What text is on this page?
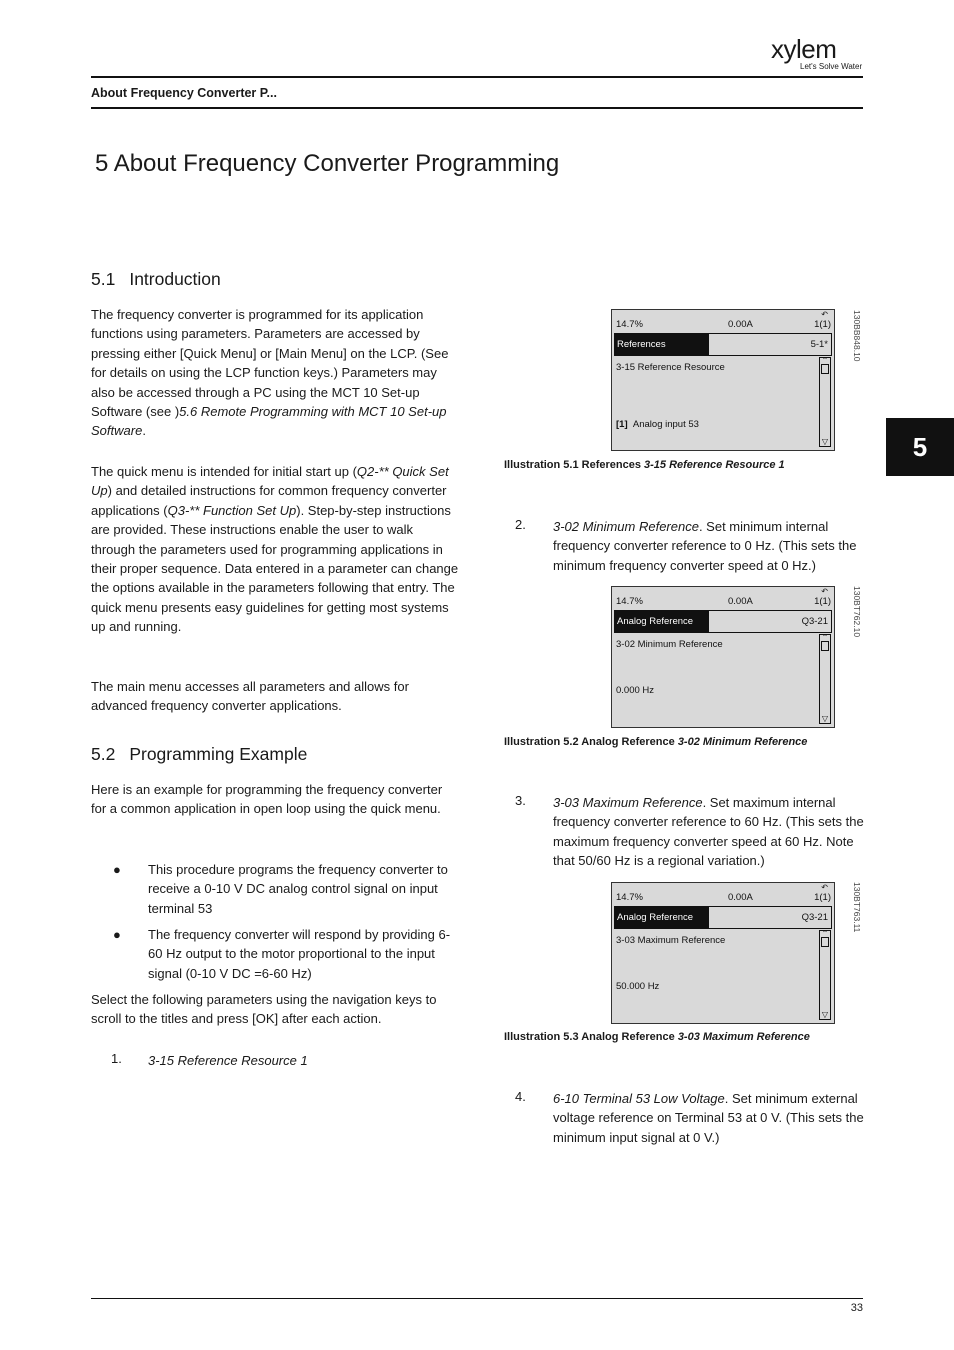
xylem
Let's Solve Water
About Frequency Converter P...
5 About Frequency Converter Programming
5
5.1 Introduction

The frequency converter is programmed for its application functions using parameters. Parameters are accessed by pressing either [Quick Menu] or [Main Menu] on the LCP. (See for details on using the LCP function keys.) Parameters may also be accessed through a PC using the MCT 10 Set-up Software (see )5.6 Remote Programming with MCT 10 Set-up Software.

The quick menu is intended for initial start up (Q2-** Quick Set Up) and detailed instructions for common frequency converter applications (Q3-** Function Set Up). Step-by-step instructions are provided. These instructions enable the user to walk through the parameters used for programming applications in their proper sequence. Data entered in a parameter can change the options available in the parameters following that entry. The quick menu presents easy guidelines for getting most systems up and running.

The main menu accesses all parameters and allows for advanced frequency converter applications.

5.2 Programming Example

Here is an example for programming the frequency converter for a common application in open loop using the quick menu.

● This procedure programs the frequency converter to receive a 0-10 V DC analog control signal on input terminal 53

● The frequency converter will respond by providing 6-60 Hz output to the motor proportional to the input signal (0-10 V DC =6-60 Hz)

Select the following parameters using the navigation keys to scroll to the titles and press [OK] after each action.

1. 3-15 Reference Resource 1
14.7%	0.00A
↶
1(1)
References	5-1*
3-15 Reference Resource
[1] Analog input 53
⌃
▽
130BB848.10
Illustration 5.1 References 3-15 Reference Resource 1
2. 3-02 Minimum Reference. Set minimum internal frequency converter reference to 0 Hz. (This sets the minimum frequency converter speed at 0 Hz.)
14.7%	0.00A
↶
1(1)
Analog Reference	Q3-21
3-02 Minimum Reference
0.000 Hz
⌃
▽
130BT762.10
Illustration 5.2 Analog Reference 3-02 Minimum Reference
3. 3-03 Maximum Reference. Set maximum internal frequency converter reference to 60 Hz. (This sets the maximum frequency converter speed at 60 Hz. Note that 50/60 Hz is a regional variation.)
14.7%	0.00A
↶
1(1)
Analog Reference	Q3-21
3-03 Maximum Reference
50.000 Hz
⌃
▽
130BT763.11
Illustration 5.3 Analog Reference 3-03 Maximum Reference
4. 6-10 Terminal 53 Low Voltage. Set minimum external voltage reference on Terminal 53 at 0 V. (This sets the minimum input signal at 0 V.)
33
